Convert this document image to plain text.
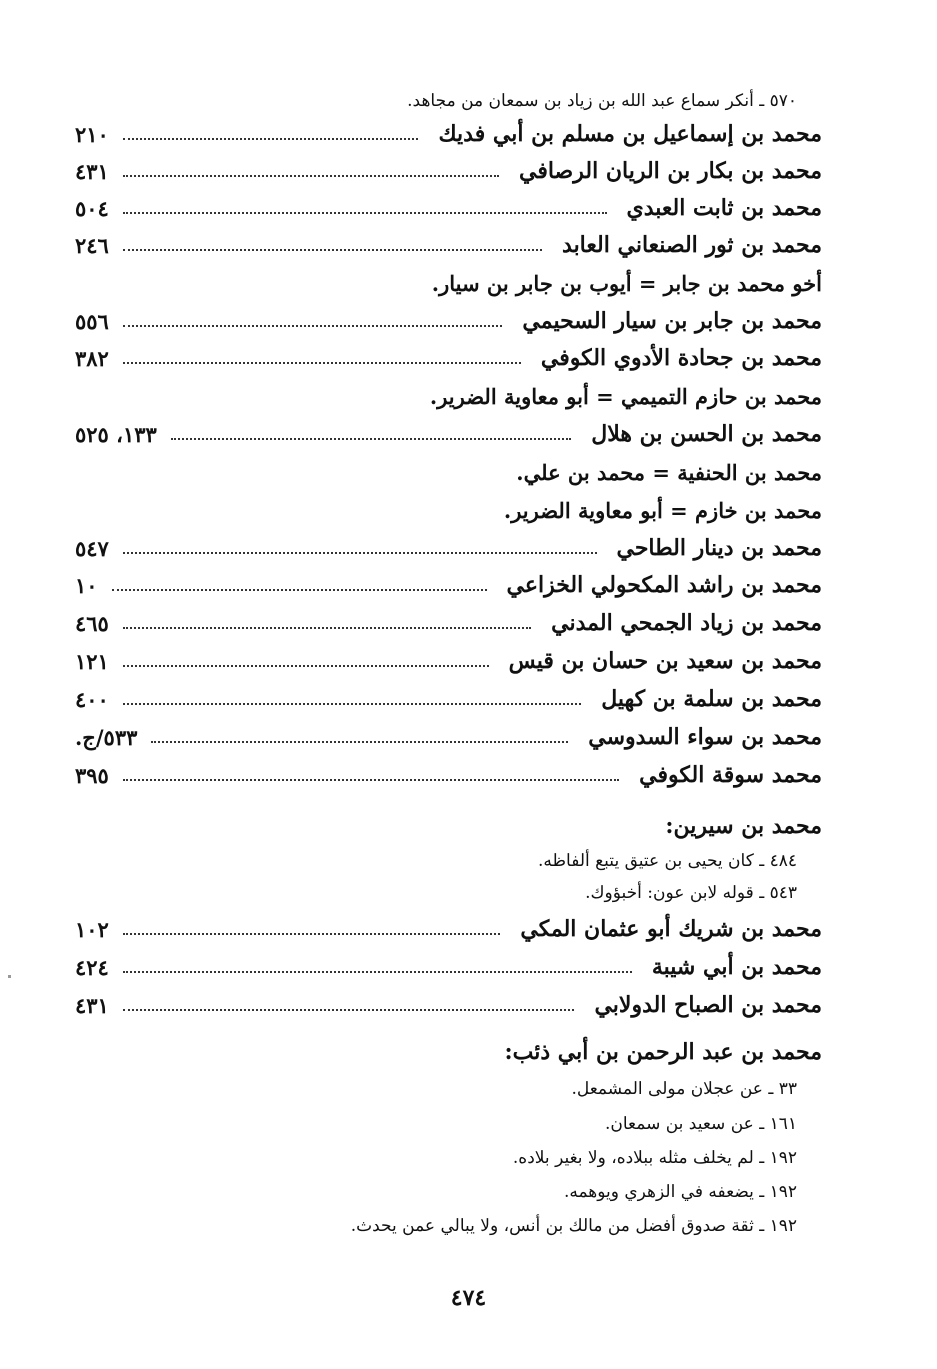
٥٧٠ ـ أنكر سماع عبد الله بن زياد بن سمعان من مجاهد.
محمد بن إسماعيل بن مسلم بن أبي فديك
٢١٠
محمد بن بكار بن الريان الرصافي
٤٣١
محمد بن ثابت العبدي
٥٠٤
محمد بن ثور الصنعاني العابد
٢٤٦
أخو محمد بن جابر = أيوب بن جابر بن سيار.
محمد بن جابر بن سيار السحيمي
٥٥٦
محمد بن جحادة الأدوي الكوفي
٣٨٢
محمد بن حازم التميمي = أبو معاوية الضرير.
محمد بن الحسن بن هلال
١٣٣، ٥٢٥
محمد بن الحنفية = محمد بن علي.
محمد بن خازم = أبو معاوية الضرير.
محمد بن دينار الطاحي
٥٤٧
محمد بن راشد المكحولي الخزاعي
١٠
محمد بن زياد الجمحي المدني
٤٦٥
محمد بن سعيد بن حسان بن قيس
١٢١
محمد بن سلمة بن كهيل
٤٠٠
محمد بن سواء السدوسي
٥٣٣/ج.
محمد سوقة الكوفي
٣٩٥
محمد بن سيرين:
٤٨٤ ـ كان يحيى بن عتيق يتبع ألفاظه.
٥٤٣ ـ قوله لابن عون: أخبؤوك.
محمد بن شريك أبو عثمان المكي
١٠٢
محمد بن أبي شيبة
٤٢٤
محمد بن الصباح الدولابي
٤٣١
محمد بن عبد الرحمن بن أبي ذئب:
٣٣ ـ عن عجلان مولى المشمعل.
١٦١ ـ عن سعيد بن سمعان.
١٩٢ ـ لم يخلف مثله ببلاده، ولا بغير بلاده.
١٩٢ ـ يضعفه في الزهري ويوهمه.
١٩٢ ـ ثقة صدوق أفضل من مالك بن أنس، ولا يبالي عمن يحدث.
٤٧٤
